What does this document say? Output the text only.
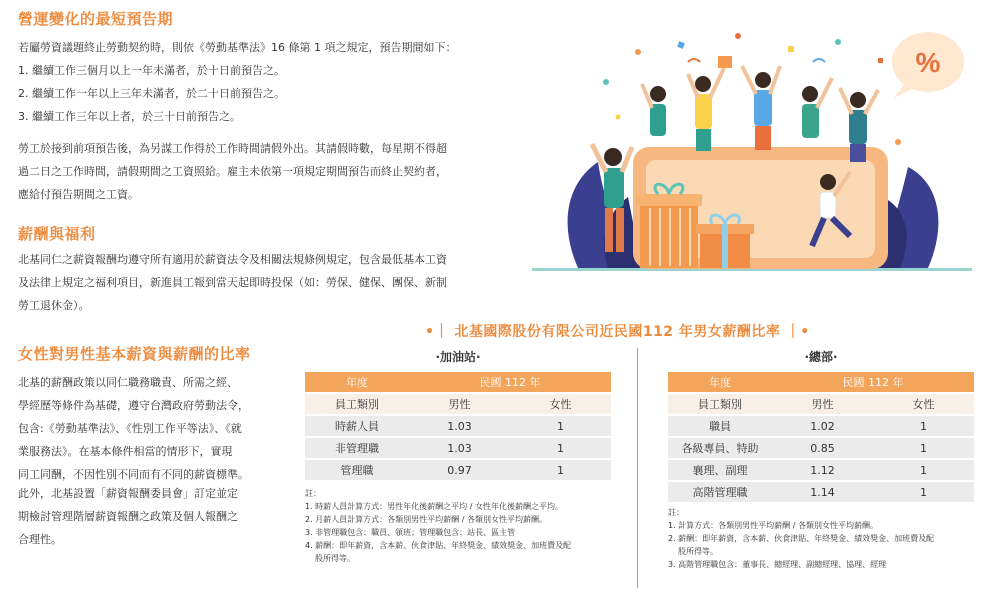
營運變化的最短預告期

若屬勞資議題終止勞動契約時，則依《勞動基準法》16 條第 1 項之規定，預告期間如下：

1. 繼續工作三個月以上一年未滿者，於十日前預告之。

2. 繼續工作一年以上三年未滿者，於二十日前預告之。

3. 繼續工作三年以上者，於三十日前預告之。

勞工於接到前項預告後，為另謀工作得於工作時間請假外出。其請假時數，每星期不得超

過二日之工作時間，請假期間之工資照給。雇主未依第一項規定期間預告而終止契約者，

應給付預告期間之工資。

薪酬與福利

北基同仁之薪資報酬均遵守所有適用於薪資法令及相關法規條例規定，包含最低基本工資

及法律上規定之福利項目，新進員工報到當天起即時投保（如：勞保、健保、團保、新制

勞工退休金）。

女性對男性基本薪資與薪酬的比率

北基的薪酬政策以同仁職務職責、所需之經、

學經歷等條件為基礎，遵守台灣政府勞動法令，

包含:《勞動基準法》、《性別工作平等法》、《就

業服務法》。在基本條件相當的情形下，實現

同工同酬，不因性別不同而有不同的薪資標準。

此外，北基設置「薪資報酬委員會」訂定並定

期檢討管理階層薪資報酬之政策及個人報酬之

合理性。

•｜ 北基國際股份有限公司近民國112 年男女薪酬比率 ｜•
·加油站·
年度	民國 112 年	
員工類別	男性	女性
時薪人員	1.03	1
非管理職	1.03	1
管理職	0.97	1

註：

1. 時薪人員計算方式：男性年化後薪酬之平均 / 女性年化後薪酬之平均。

2. 月薪人員計算方式：各類別男性平均薪酬 / 各類別女性平均薪酬。

3. 非管理職包含：職員、領班；管理職包含：站長、區主管

4. 薪酬：即年薪資，含本薪、伙食津貼、年終獎金、績效獎金、加班費及配

股所得等。

·總部·
年度	民國 112 年	
員工類別	男性	女性
職員	1.02	1
各級專員、特助	0.85	1
襄理、副理	1.12	1
高階管理職	1.14	1

註：

1. 計算方式：各類別男性平均薪酬 / 各類別女性平均薪酬。

2. 薪酬：即年薪資，含本薪、伙食津貼、年終獎金、績效獎金、加班費及配

股所得等。

3. 高階管理職包含：董事長、總經理、副總經理、協理、經理

%
